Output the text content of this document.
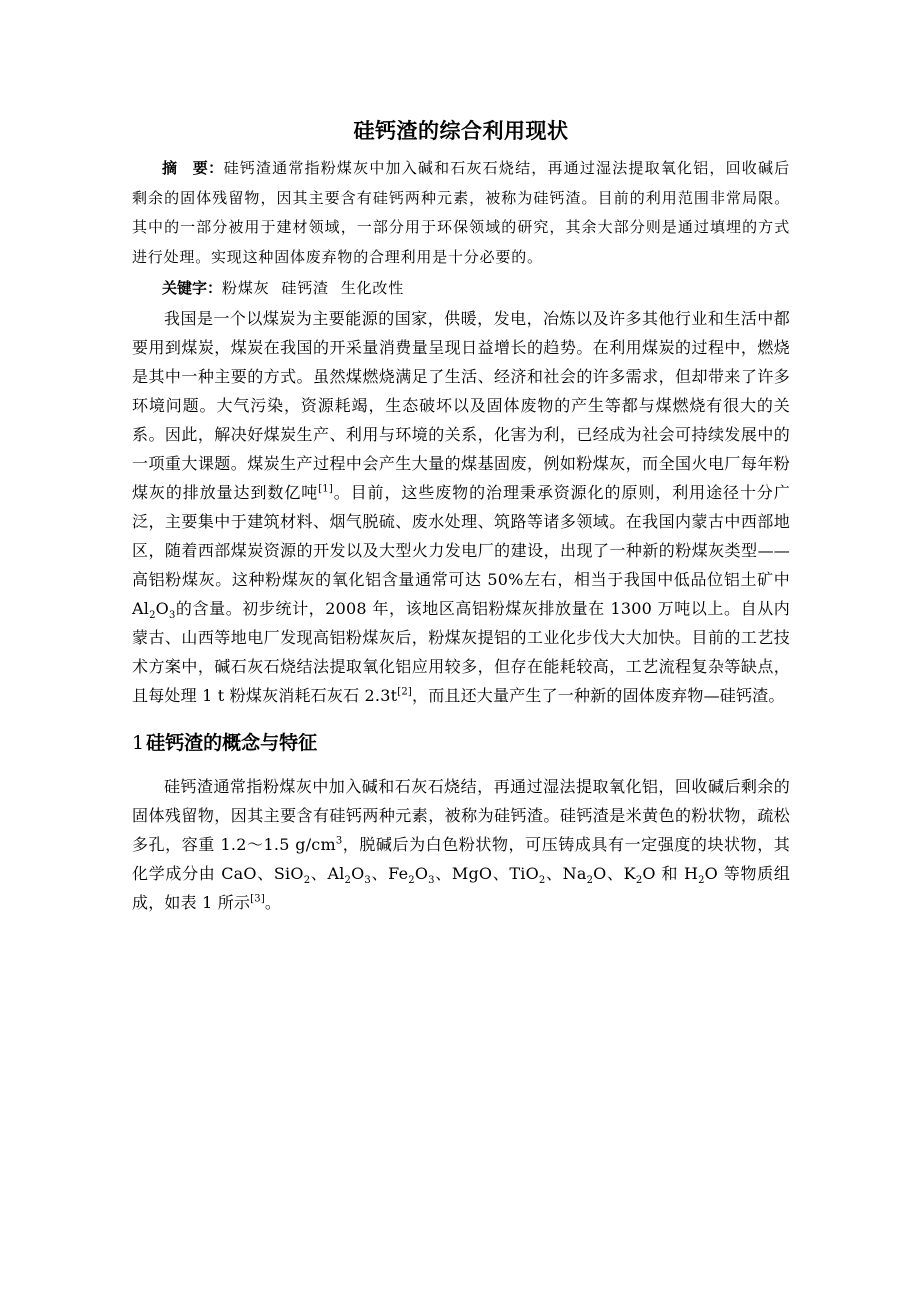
硅钙渣的综合利用现状

摘　要：硅钙渣通常指粉煤灰中加入碱和石灰石烧结，再通过湿法提取氧化铝，回收碱后剩余的固体残留物，因其主要含有硅钙两种元素，被称为硅钙渣。目前的利用范围非常局限。其中的一部分被用于建材领域，一部分用于环保领域的研究，其余大部分则是通过填埋的方式进行处理。实现这种固体废弃物的合理利用是十分必要的。

关键字：粉煤灰 硅钙渣 生化改性

我国是一个以煤炭为主要能源的国家，供暖，发电，冶炼以及许多其他行业和生活中都要用到煤炭，煤炭在我国的开采量消费量呈现日益增长的趋势。在利用煤炭的过程中，燃烧是其中一种主要的方式。虽然煤燃烧满足了生活、经济和社会的许多需求，但却带来了许多环境问题。大气污染，资源耗竭，生态破坏以及固体废物的产生等都与煤燃烧有很大的关系。因此，解决好煤炭生产、利用与环境的关系，化害为利，已经成为社会可持续发展中的一项重大课题。煤炭生产过程中会产生大量的煤基固废，例如粉煤灰，而全国火电厂每年粉煤灰的排放量达到数亿吨[1]。目前，这些废物的治理秉承资源化的原则，利用途径十分广泛，主要集中于建筑材料、烟气脱硫、废水处理、筑路等诸多领域。在我国内蒙古中西部地区，随着西部煤炭资源的开发以及大型火力发电厂的建设，出现了一种新的粉煤灰类型——高铝粉煤灰。这种粉煤灰的氧化铝含量通常可达 50%左右，相当于我国中低品位铝土矿中 $Al_2O_3$的含量。初步统计，2008 年，该地区高铝粉煤灰排放量在 1300 万吨以上。自从内蒙古、山西等地电厂发现高铝粉煤灰后，粉煤灰提铝的工业化步伐大大加快。目前的工艺技术方案中，碱石灰石烧结法提取氧化铝应用较多，但存在能耗较高，工艺流程复杂等缺点，且每处理 1 t 粉煤灰消耗石灰石 2.3t[2]，而且还大量产生了一种新的固体废弃物—硅钙渣。

1 硅钙渣的概念与特征

硅钙渣通常指粉煤灰中加入碱和石灰石烧结，再通过湿法提取氧化铝，回收碱后剩余的固体残留物，因其主要含有硅钙两种元素，被称为硅钙渣。硅钙渣是米黄色的粉状物，疏松多孔，容重 1.2～1.5 $g/cm^3$，脱碱后为白色粉状物，可压铸成具有一定强度的块状物，其化学成分由 CaO、SiO$_2$、$Al_2O_3$、$Fe_2O_3$、MgO、TiO$_2$、$Na_2O$、$K_2O$ 和 $H_2O$ 等物质组成，如表 1 所示[3]。
